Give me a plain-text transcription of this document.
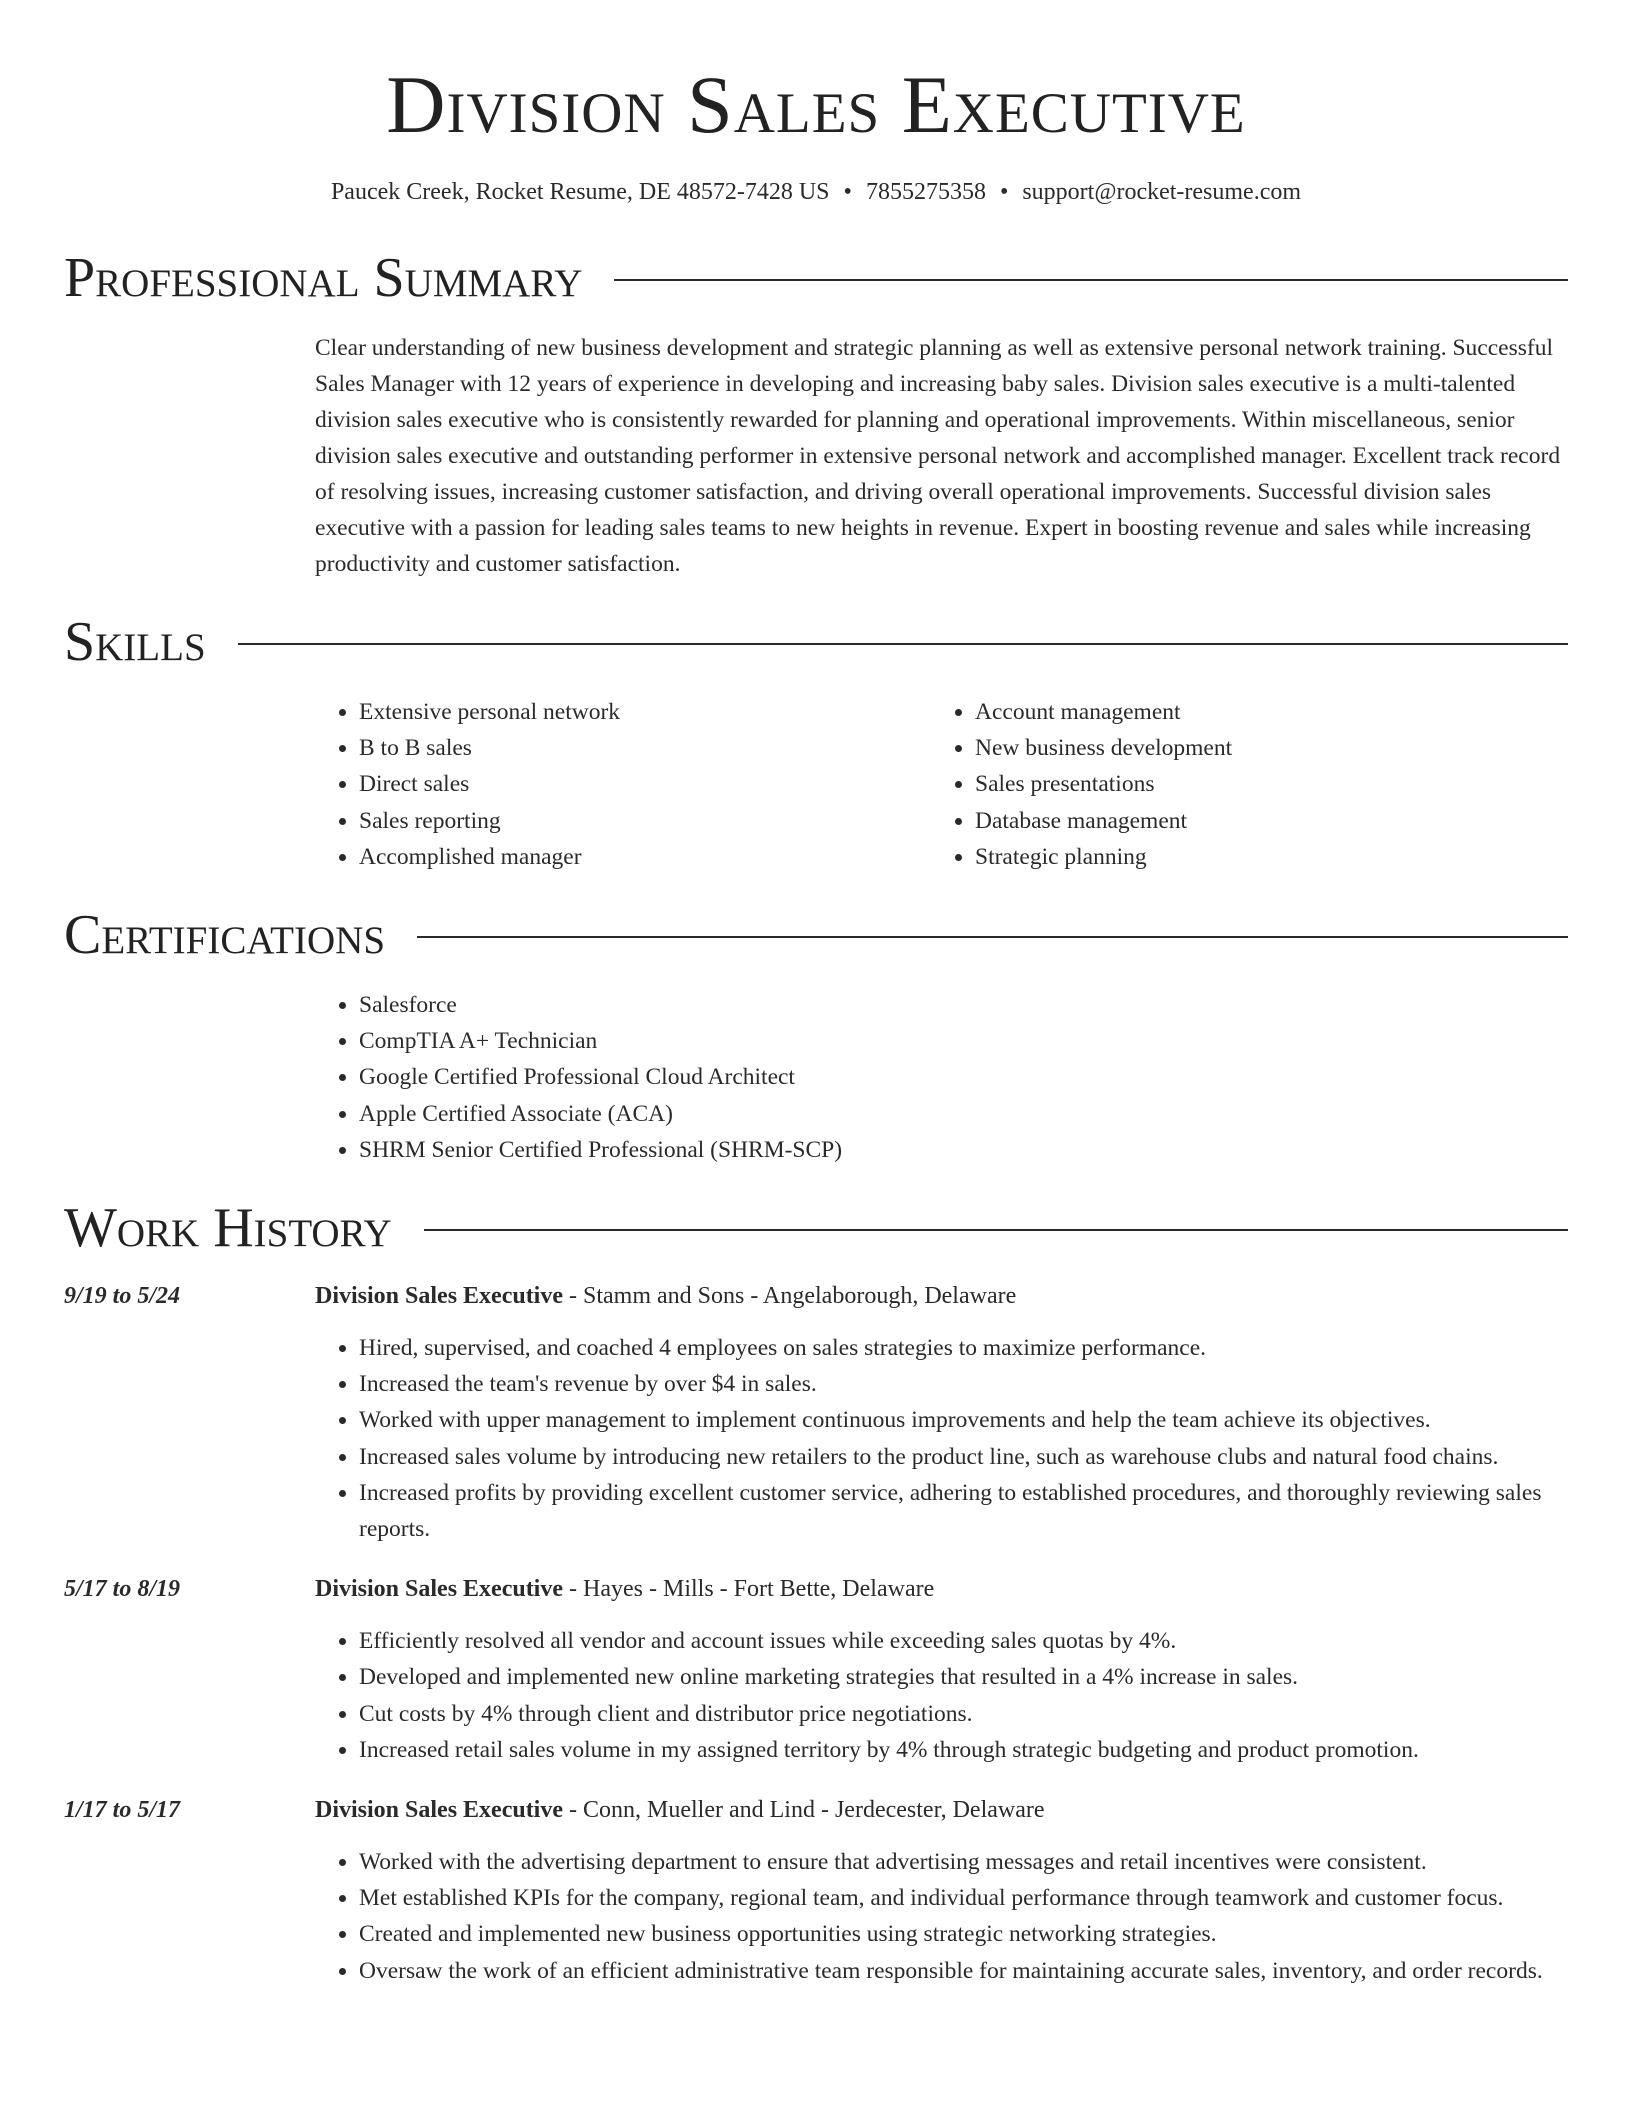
Division Sales Executive
Paucek Creek, Rocket Resume, DE 48572-7428 US • 7855275358 • support@rocket-resume.com
Professional Summary

Clear understanding of new business development and strategic planning as well as extensive personal network training. Successful Sales Manager with 12 years of experience in developing and increasing baby sales. Division sales executive is a multi-talented division sales executive who is consistently rewarded for planning and operational improvements. Within miscellaneous, senior division sales executive and outstanding performer in extensive personal network and accomplished manager. Excellent track record of resolving issues, increasing customer satisfaction, and driving overall operational improvements. Successful division sales executive with a passion for leading sales teams to new heights in revenue. Expert in boosting revenue and sales while increasing productivity and customer satisfaction.

Skills
• Extensive personal network
• B to B sales
• Direct sales
• Sales reporting
• Accomplished manager
• Account management
• New business development
• Sales presentations
• Database management
• Strategic planning
Certifications
• Salesforce
• CompTIA A+ Technician
• Google Certified Professional Cloud Architect
• Apple Certified Associate (ACA)
• SHRM Senior Certified Professional (SHRM-SCP)
Work History
9/19 to 5/24	Division Sales Executive - Stamm and Sons - Angelaborough, Delaware
• Hired, supervised, and coached 4 employees on sales strategies to maximize performance.
• Increased the team's revenue by over $4 in sales.
• Worked with upper management to implement continuous improvements and help the team achieve its objectives.
• Increased sales volume by introducing new retailers to the product line, such as warehouse clubs and natural food chains.
• Increased profits by providing excellent customer service, adhering to established procedures, and thoroughly reviewing sales reports.
5/17 to 8/19	Division Sales Executive - Hayes - Mills - Fort Bette, Delaware
• Efficiently resolved all vendor and account issues while exceeding sales quotas by 4%.
• Developed and implemented new online marketing strategies that resulted in a 4% increase in sales.
• Cut costs by 4% through client and distributor price negotiations.
• Increased retail sales volume in my assigned territory by 4% through strategic budgeting and product promotion.
1/17 to 5/17	Division Sales Executive - Conn, Mueller and Lind - Jerdecester, Delaware
• Worked with the advertising department to ensure that advertising messages and retail incentives were consistent.
• Met established KPIs for the company, regional team, and individual performance through teamwork and customer focus.
• Created and implemented new business opportunities using strategic networking strategies.
• Oversaw the work of an efficient administrative team responsible for maintaining accurate sales, inventory, and order records.
